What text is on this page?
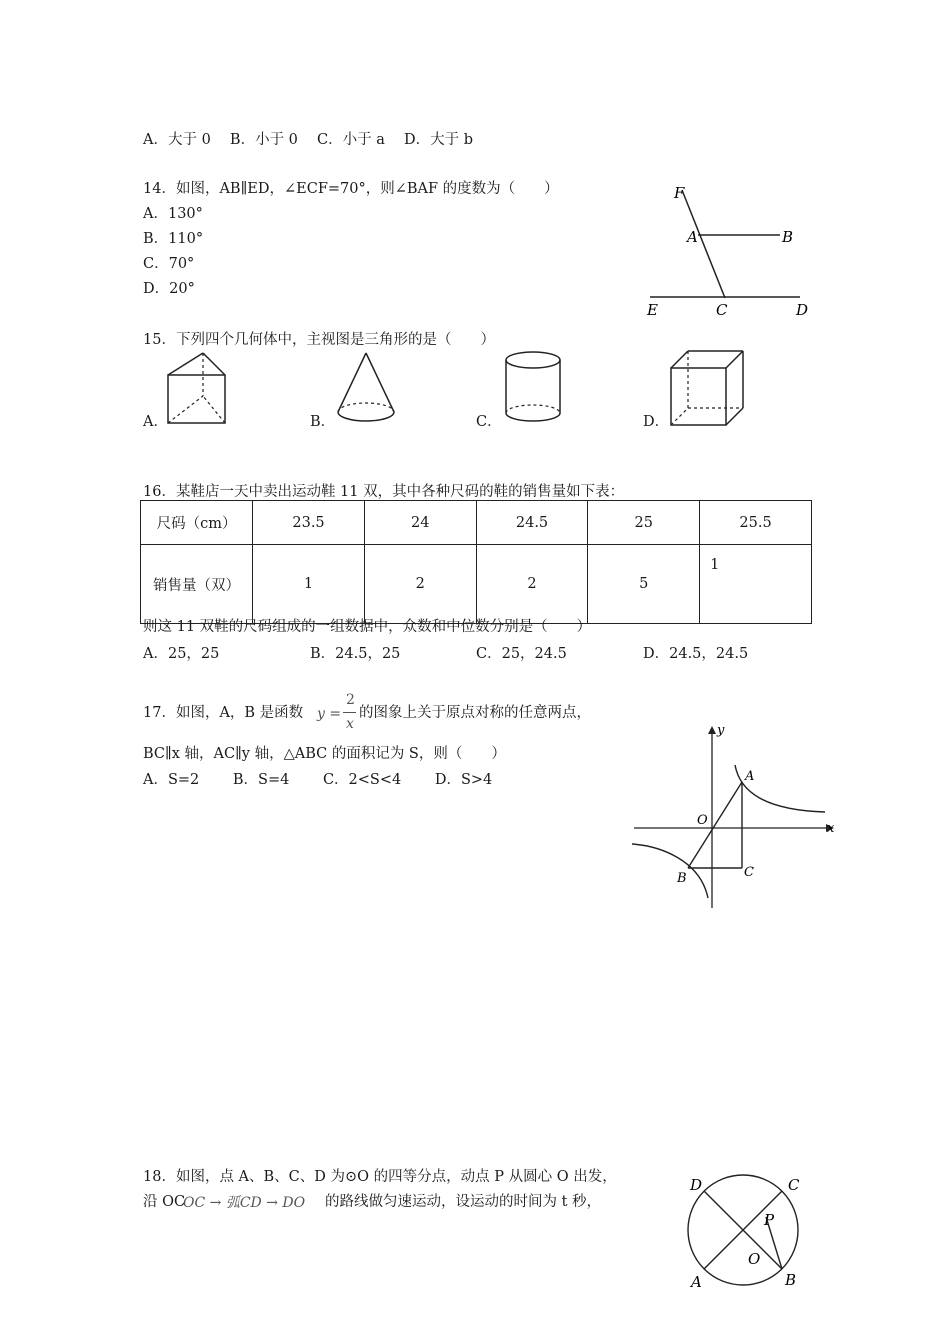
A．大于 0　 B．小于 0　 C．小于 a　 D．大于 b
14．如图，AB∥ED，∠ECF=70°，则∠BAF 的度数为（　　）
A．130°
B．110°
C．70°
D．20°
F
A	B
E	C	D
15．下列四个几何体中，主视图是三角形的是（　　）
A．	B．	C．	D．
16．某鞋店一天中卖出运动鞋 11 双，其中各种尺码的鞋的销售量如下表：
尺码（cm）	23.5	24	24.5	25	25.5
销售量（双）	1	2	2	5	1
则这 11 双鞋的尺码组成的一组数据中，众数和中位数分别是（　　）
A．25，25	B．24.5，25	C．25，24.5	D．24.5，24.5
17．如图，A，B 是函数 y =
2
x
的图象上关于原点对称的任意两点，
BC∥x 轴，AC∥y 轴，△ABC 的面积记为 S，则（　　）
A．S=2　　 B．S=4　　 C．2<S<4　　 D．S>4
y
x
O
A
B	C
18．如图，点 A、B、C、D 为⊙O 的四等分点，动点 P 从圆心 O 出发，
沿 OC
OC → 弧CD → DO 的路线做匀速运动，设运动的时间为 t 秒，
D	C
P
O
A	B
